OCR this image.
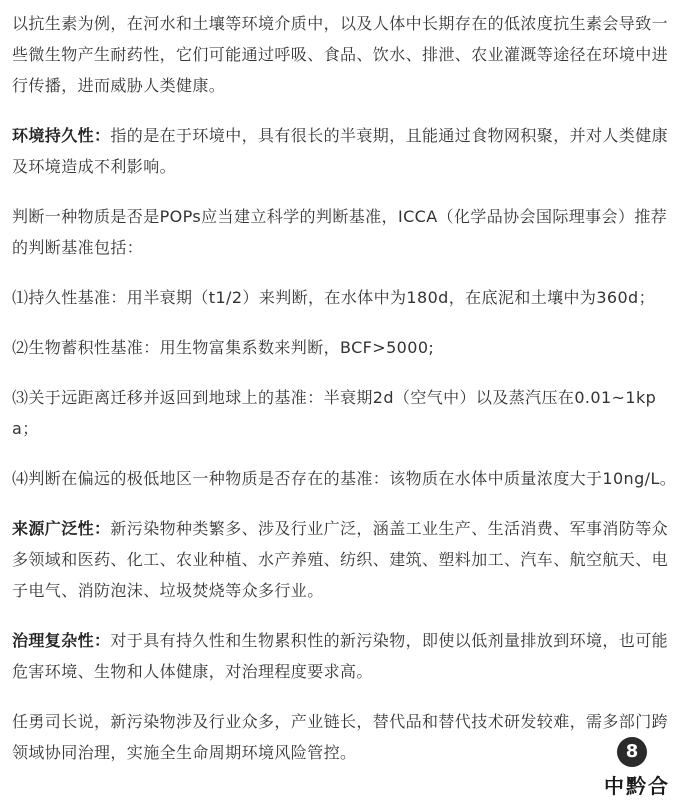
以抗生素为例，在河水和土壤等环境介质中，以及人体中长期存在的低浓度抗生素会导致一些微生物产生耐药性，它们可能通过呼吸、食品、饮水、排泄、农业灌溉等途径在环境中进行传播，进而威胁人类健康。

环境持久性：指的是在于环境中，具有很长的半衰期，且能通过食物网积聚，并对人类健康及环境造成不利影响。

判断一种物质是否是POPs应当建立科学的判断基准，ICCA（化学品协会国际理事会）推荐的判断基准包括：

⑴持久性基准：用半衰期（t1/2）来判断，在水体中为180d，在底泥和土壤中为360d；

⑵生物蓄积性基准：用生物富集系数来判断，BCF>5000;

⑶关于远距离迁移并返回到地球上的基准：半衰期2d（空气中）以及蒸汽压在0.01~1kpa；

⑷判断在偏远的极低地区一种物质是否存在的基准：该物质在水体中质量浓度大于10ng/L。

来源广泛性：新污染物种类繁多、涉及行业广泛，涵盖工业生产、生活消费、军事消防等众多领域和医药、化工、农业种植、水产养殖、纺织、建筑、塑料加工、汽车、航空航天、电子电气、消防泡沫、垃圾焚烧等众多行业。

治理复杂性：对于具有持久性和生物累积性的新污染物，即使以低剂量排放到环境，也可能危害环境、生物和人体健康，对治理程度要求高。

任勇司长说，新污染物涉及行业众多，产业链长，替代品和替代技术研发较难，需多部门跨领域协同治理，实施全生命周期环境风险管控。	8
中黔合
